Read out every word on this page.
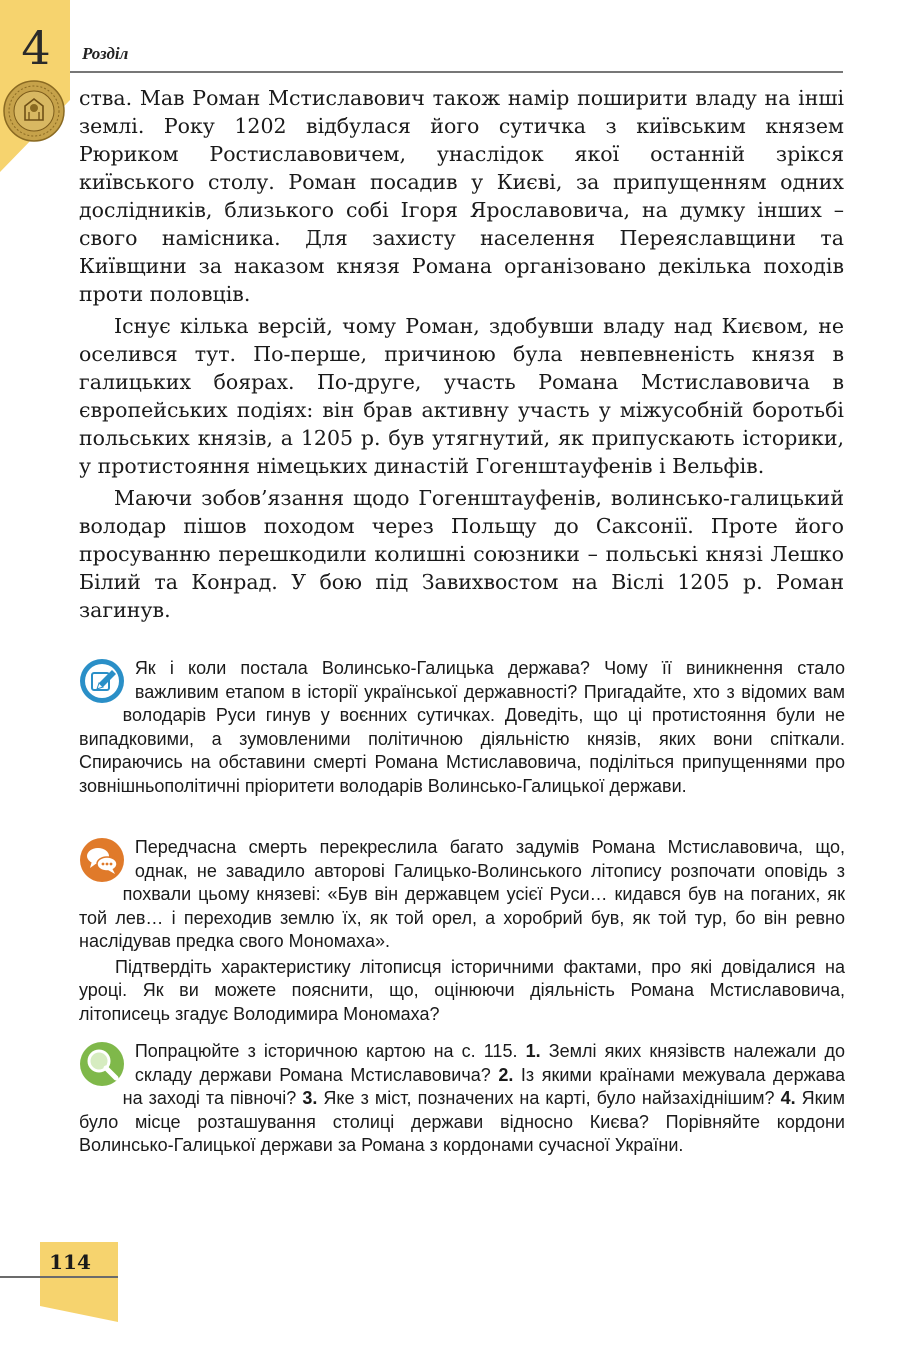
4	Розділ

ства. Мав Роман Мстиславович також намір поширити владу на інші землі. Року 1202 відбулася його сутичка з київським князем Рюриком Ростиславовичем, унаслідок якої останній зрікся київського столу. Роман посадив у Києві, за припущенням одних дослідників, близького собі Ігоря Ярославовича, на думку інших – свого намісника. Для захисту населення Переяславщини та Київщини за наказом князя Романа організовано декілька походів проти половців.

Існує кілька версій, чому Роман, здобувши владу над Києвом, не оселився тут. По-перше, причиною була невпевненість князя в галицьких боярах. По-друге, участь Романа Мстиславовича в європейських подіях: він брав активну участь у міжусобній боротьбі польських князів, а 1205 р. був утягнутий, як припускають історики, у протистояння німецьких династій Гогенштауфенів і Вельфів.

Маючи зобов’язання щодо Гогенштауфенів, волинсько-галицький володар пішов походом через Польщу до Саксонії. Проте його просуванню перешкодили колишні союзники – польські князі Лешко Білий та Конрад. У бою під Завихвостом на Віслі 1205 р. Роман загинув.

Як і коли постала Волинсько-Галицька держава? Чому її виникнення стало важливим етапом в історії української державності? Пригадайте, хто з відомих вам володарів Руси гинув у воєнних сутичках. Доведіть, що ці протистояння були не випадковими, а зумовленими політичною діяльністю князів, яких вони спіткали. Спираючись на обставини смерті Романа Мстиславовича, поділіться припущеннями про зовнішньополітичні пріоритети володарів Волинсько-Галицької держави.

Передчасна смерть перекреслила багато задумів Романа Мстиславовича, що, однак, не завадило авторові Галицько-Волинського літопису розпочати оповідь з похвали цьому князеві: «Був він державцем усієї Руси… кидався був на поганих, як той лев… і переходив землю їх, як той орел, а хоробрий був, як той тур, бо він ревно наслідував предка свого Мономаха».

Підтвердіть характеристику літописця історичними фактами, про які довідалися на уроці. Як ви можете пояснити, що, оцінюючи діяльність Романа Мстиславовича, літописець згадує Володимира Мономаха?

Попрацюйте з історичною картою на с. 115. 1. Землі яких князівств належали до складу держави Романа Мстиславовича? 2. Із якими країнами межувала держава на заході та півночі? 3. Яке з міст, позначених на карті, було найзахіднішим? 4. Яким було місце розташування столиці держави відносно Києва? Порівняйте кордони Волинсько-Галицької держави за Романа з кордонами сучасної України.

114
